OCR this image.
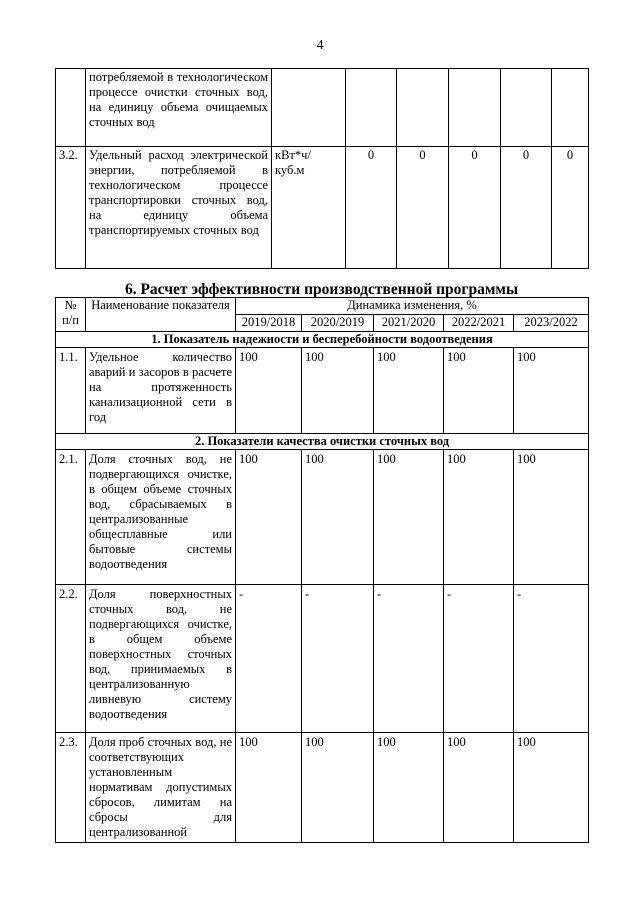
4
	потребляемой в технологическом процессе очистки сточных вод, на единицу объема очищаемых сточных вод						
3.2.	Удельный расход электрической энергии, потребляемой в технологическом процессе транспортировки сточных вод, на единицу объема транспортируемых сточных вод	кВт*ч/ куб.м	0	0	0	0	0
6. Расчет эффективности производственной программы
№ п/п	Наименование показателя	Динамика изменения, %				
		2019/2018	2020/2019	2021/2020	2022/2021	2023/2022
1. Показатель надежности и бесперебойности водоотведения						
1.1.	Удельное количество аварий и засоров в расчете на протяженность канализационной сети в год	100	100	100	100	100
2. Показатели качества очистки сточных вод						
2.1.	Доля сточных вод, не подвергающихся очистке, в общем объеме сточных вод, сбрасываемых в централизованные общесплавные или бытовые системы водоотведения	100	100	100	100	100
2.2.	Доля поверхностных сточных вод, не подвергающихся очистке, в общем объеме поверхностных сточных вод, принимаемых в централизованную ливневую систему водоотведения	-	-	-	-	-
2.3.	Доля проб сточных вод, не соответствующих установленным нормативам допустимых сбросов, лимитам на сбросы для централизованной	100	100	100	100	100
